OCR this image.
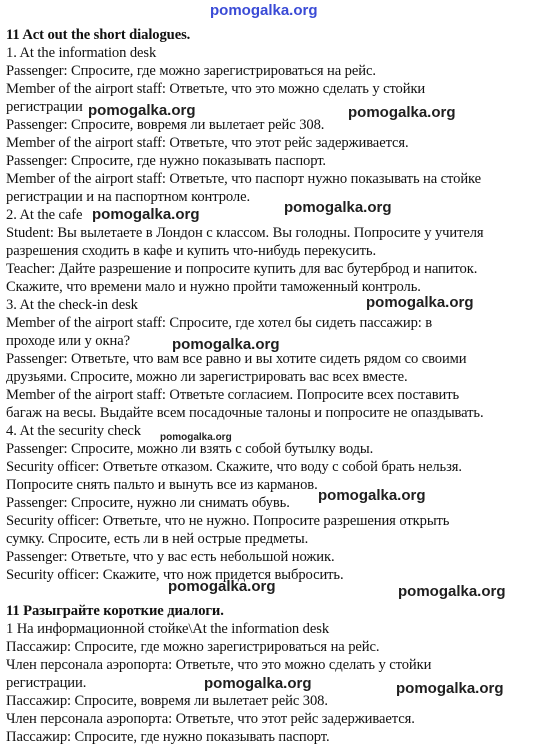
11 Act out the short dialogues.
1. At the information desk
Passenger: Спросите, где можно зарегистрироваться на рейс.
Member of the airport staff: Ответьте, что это можно сделать у стойки
регистрации
Passenger: Спросите, вовремя ли вылетает рейс 308.
Member of the airport staff: Ответьте, что этот рейс задерживается.
Passenger: Спросите, где нужно показывать паспорт.
Member of the airport staff: Ответьте, что паспорт нужно показывать на стойке
регистрации и на паспортном контроле.
2. At the cafe
Student: Вы вылетаете в Лондон с классом. Вы голодны. Попросите у учителя
разрешения сходить в кафе и купить что-нибудь перекусить.
Teacher: Дайте разрешение и попросите купить для вас бутерброд и напиток.
Скажите, что времени мало и нужно пройти таможенный контроль.
3. At the check-in desk
Member of the airport staff: Спросите, где хотел бы сидеть пассажир: в
проходе или у окна?
Passenger: Ответьте, что вам все равно и вы хотите сидеть рядом со своими
друзьями. Спросите, можно ли зарегистрировать вас всех вместе.
Member of the airport staff: Ответьте согласием. Попросите всех поставить
багаж на весы. Выдайте всем посадочные талоны и попросите не опаздывать.
4. At the security check
Passenger: Спросите, можно ли взять с собой бутылку воды.
Security officer: Ответьте отказом. Скажите, что воду с собой брать нельзя.
Попросите снять пальто и вынуть все из карманов.
Passenger: Спросите, нужно ли снимать обувь.
Security officer: Ответьте, что не нужно. Попросите разрешения открыть
сумку. Спросите, есть ли в ней острые предметы.
Passenger: Ответьте, что у вас есть небольшой ножик.
Security officer: Скажите, что нож придется выбросить.
11 Разыграйте короткие диалоги.
1 На информационной стойке\At the information desk
Пассажир: Спросите, где можно зарегистрироваться на рейс.
Член персонала аэропорта: Ответьте, что это можно сделать у стойки
регистрации.
Пассажир: Спросите, вовремя ли вылетает рейс 308.
Член персонала аэропорта: Ответьте, что этот рейс задерживается.
Пассажир: Спросите, где нужно показывать паспорт.
pomogalka.org
pomogalka.org	pomogalka.org
pomogalka.org	pomogalka.org
pomogalka.org
pomogalka.org
pomogalka.org
pomogalka.org
pomogalka.org	pomogalka.org
pomogalka.org	pomogalka.org
